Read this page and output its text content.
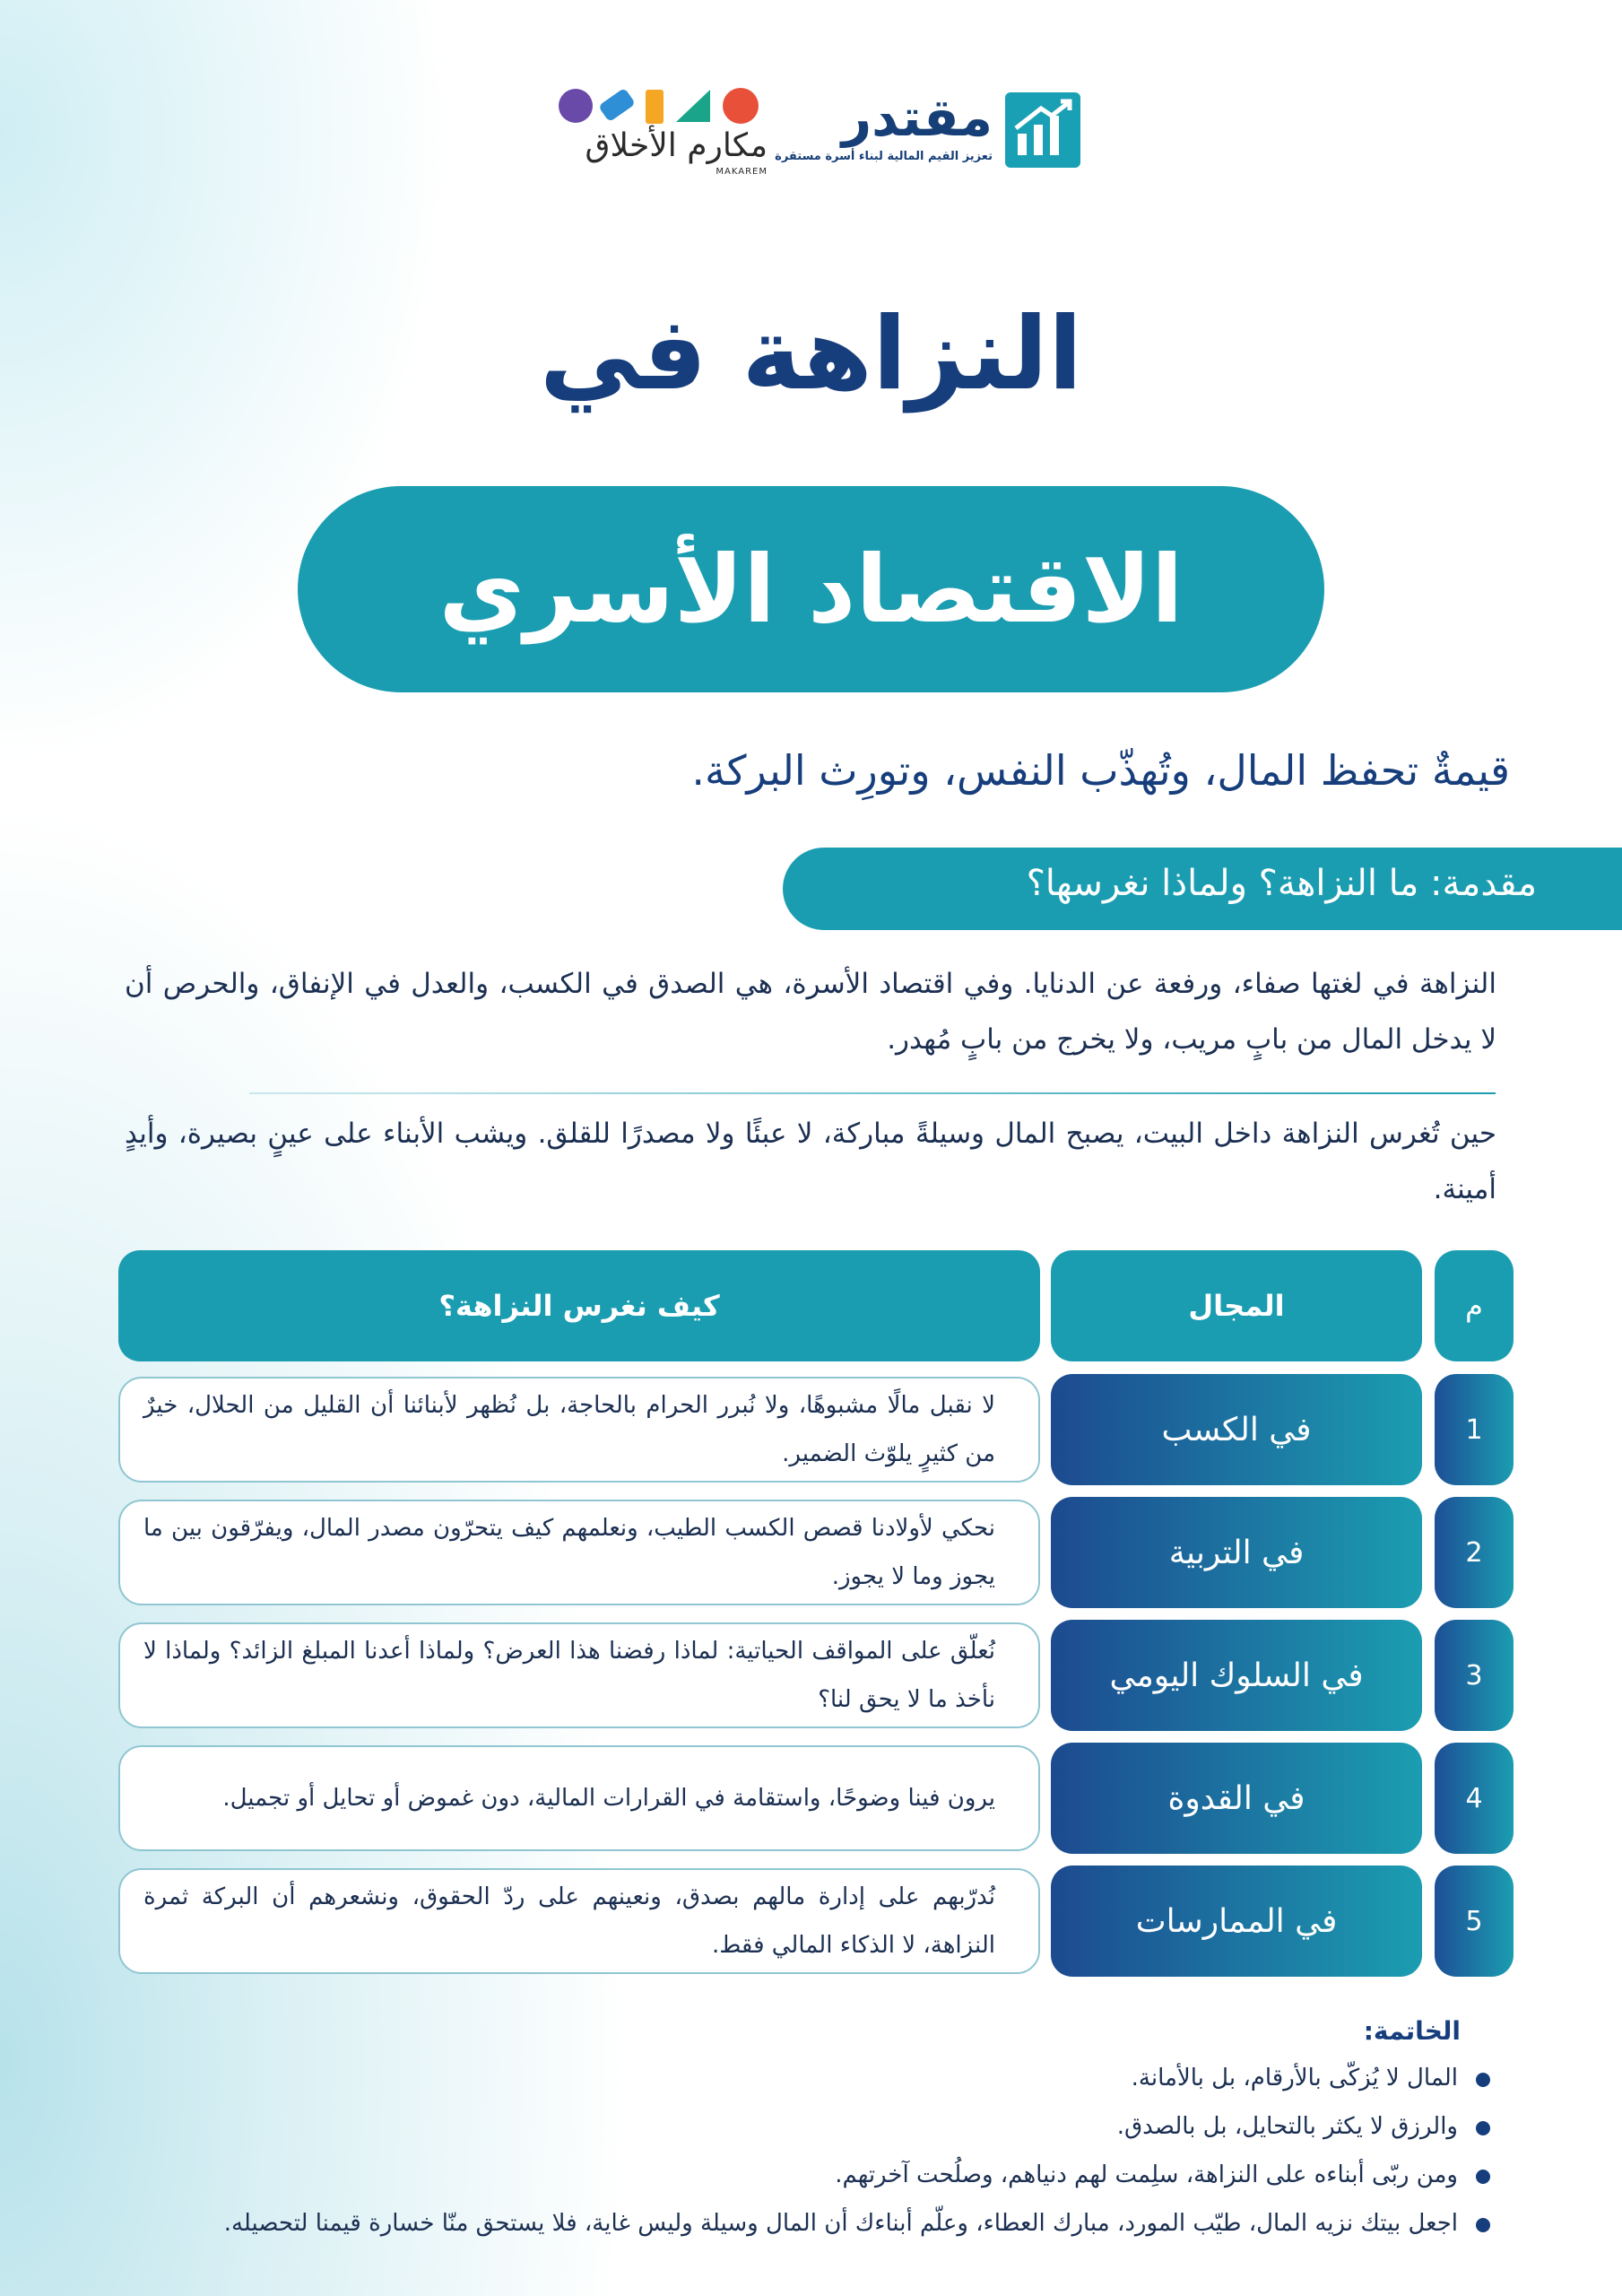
مقتدر
تعزيز القيم المالية لبناء أسرة مستقرة
مكارم الأخلاق
MAKAREM
النزاهة في
الاقتصاد الأسري
قيمةٌ تحفظ المال، وتُهذّب النفس، وتورِث البركة.
مقدمة: ما النزاهة؟ ولماذا نغرسها؟
النزاهة في لغتها صفاء، ورفعة عن الدنايا. وفي اقتصاد الأسرة، هي الصدق في الكسب، والعدل في الإنفاق، والحرص أن لا يدخل المال من بابٍ مريب، ولا يخرج من بابٍ مُهدر.
حين تُغرس النزاهة داخل البيت، يصبح المال وسيلةً مباركة، لا عبئًا ولا مصدرًا للقلق. ويشب الأبناء على عينٍ بصيرة، وأيدٍ أمينة.
م
المجال
كيف نغرس النزاهة؟
1
في الكسب
لا نقبل مالًا مشبوهًا، ولا نُبرر الحرام بالحاجة، بل نُظهر لأبنائنا أن القليل من الحلال، خيرٌ من كثيرٍ يلوّث الضمير.
2
في التربية
نحكي لأولادنا قصص الكسب الطيب، ونعلمهم كيف يتحرّون مصدر المال، ويفرّقون بين ما يجوز وما لا يجوز.
3
في السلوك اليومي
نُعلّق على المواقف الحياتية: لماذا رفضنا هذا العرض؟ ولماذا أعدنا المبلغ الزائد؟ ولماذا لا نأخذ ما لا يحق لنا؟
4
في القدوة
يرون فينا وضوحًا، واستقامة في القرارات المالية، دون غموض أو تحايل أو تجميل.
5
في الممارسات
نُدرّبهم على إدارة مالهم بصدق، ونعينهم على ردّ الحقوق، ونشعرهم أن البركة ثمرة النزاهة، لا الذكاء المالي فقط.
الخاتمة:
المال لا يُزكّى بالأرقام، بل بالأمانة.
والرزق لا يكثر بالتحايل، بل بالصدق.
ومن ربّى أبناءه على النزاهة، سلِمت لهم دنياهم، وصلُحت آخرتهم.
اجعل بيتك نزيه المال، طيّب المورد، مبارك العطاء، وعلّم أبناءك أن المال وسيلة وليس غاية، فلا يستحق منّا خسارة قيمنا لتحصيله.
